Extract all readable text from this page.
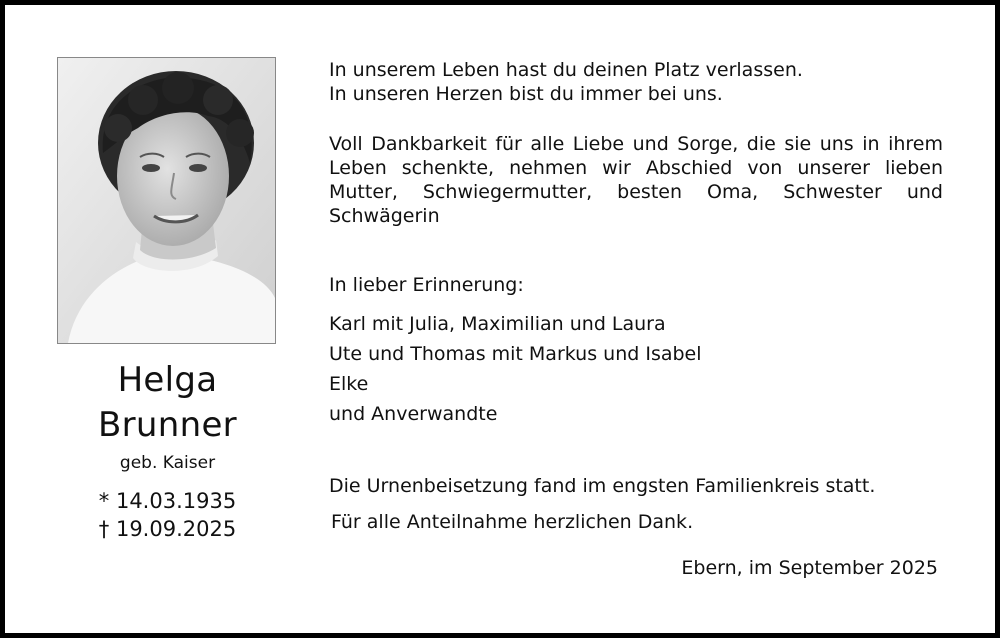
Helga
Brunner
geb. Kaiser
* 14.03.1935
† 19.09.2025
In unserem Leben hast du deinen Platz verlassen.
In unseren Herzen bist du immer bei uns.

Voll Dankbarkeit für alle Liebe und Sorge, die sie uns in ihrem Leben schenkte, nehmen wir Abschied von unserer lieben Mutter, Schwiegermutter, besten Oma, Schwester und Schwägerin

In lieber Erinnerung:

Karl mit Julia, Maximilian und Laura
Ute und Thomas mit Markus und Isabel
Elke
und Anverwandte

Die Urnenbeisetzung fand im engsten Familienkreis statt.

Für alle Anteilnahme herzlichen Dank.

Ebern, im September 2025
